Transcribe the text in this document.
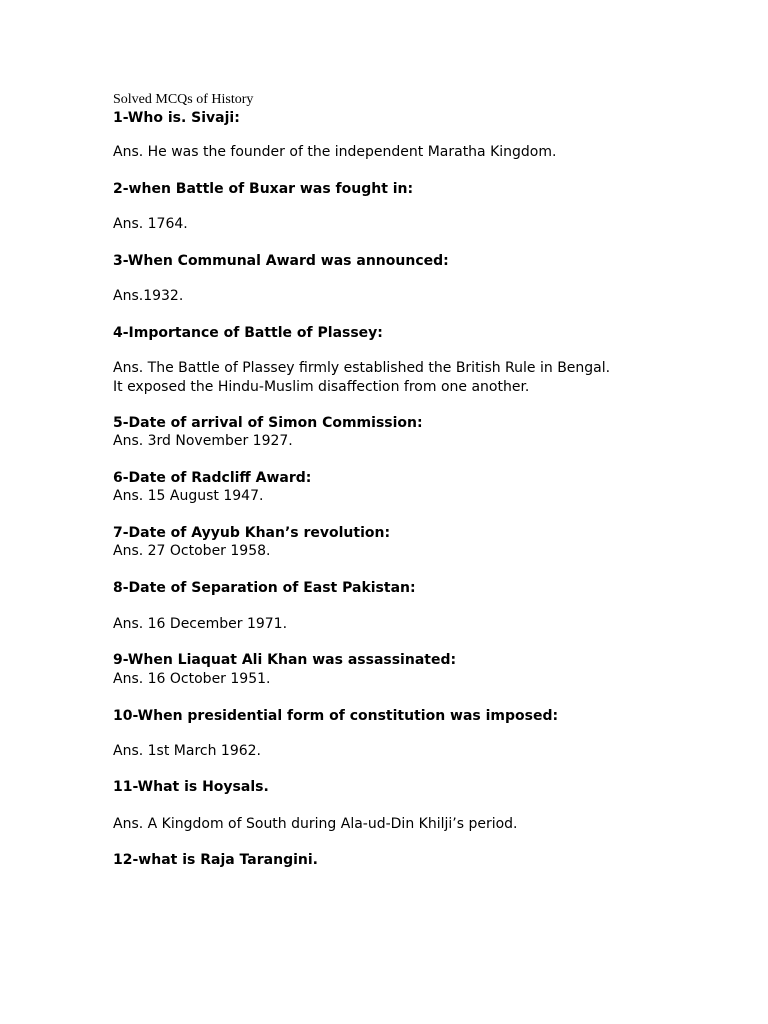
Solved MCQs of History

1-Who is. Sivaji:

Ans. He was the founder of the independent Maratha Kingdom.

2-when Battle of Buxar was fought in:

Ans. 1764.

3-When Communal Award was announced:

Ans.1932.

4-Importance of Battle of Plassey:

Ans. The Battle of Plassey firmly established the British Rule in Bengal.
It exposed the Hindu-Muslim disaffection from one another.

5-Date of arrival of Simon Commission:

Ans. 3rd November 1927.

6-Date of Radcliff Award:

Ans. 15 August 1947.

7-Date of Ayyub Khan’s revolution:

Ans. 27 October 1958.

8-Date of Separation of East Pakistan:

Ans. 16 December 1971.

9-When Liaquat Ali Khan was assassinated:

Ans. 16 October 1951.

10-When presidential form of constitution was imposed:

Ans. 1st March 1962.

11-What is Hoysals.

Ans. A Kingdom of South during Ala-ud-Din Khilji’s period.

12-what is Raja Tarangini.
